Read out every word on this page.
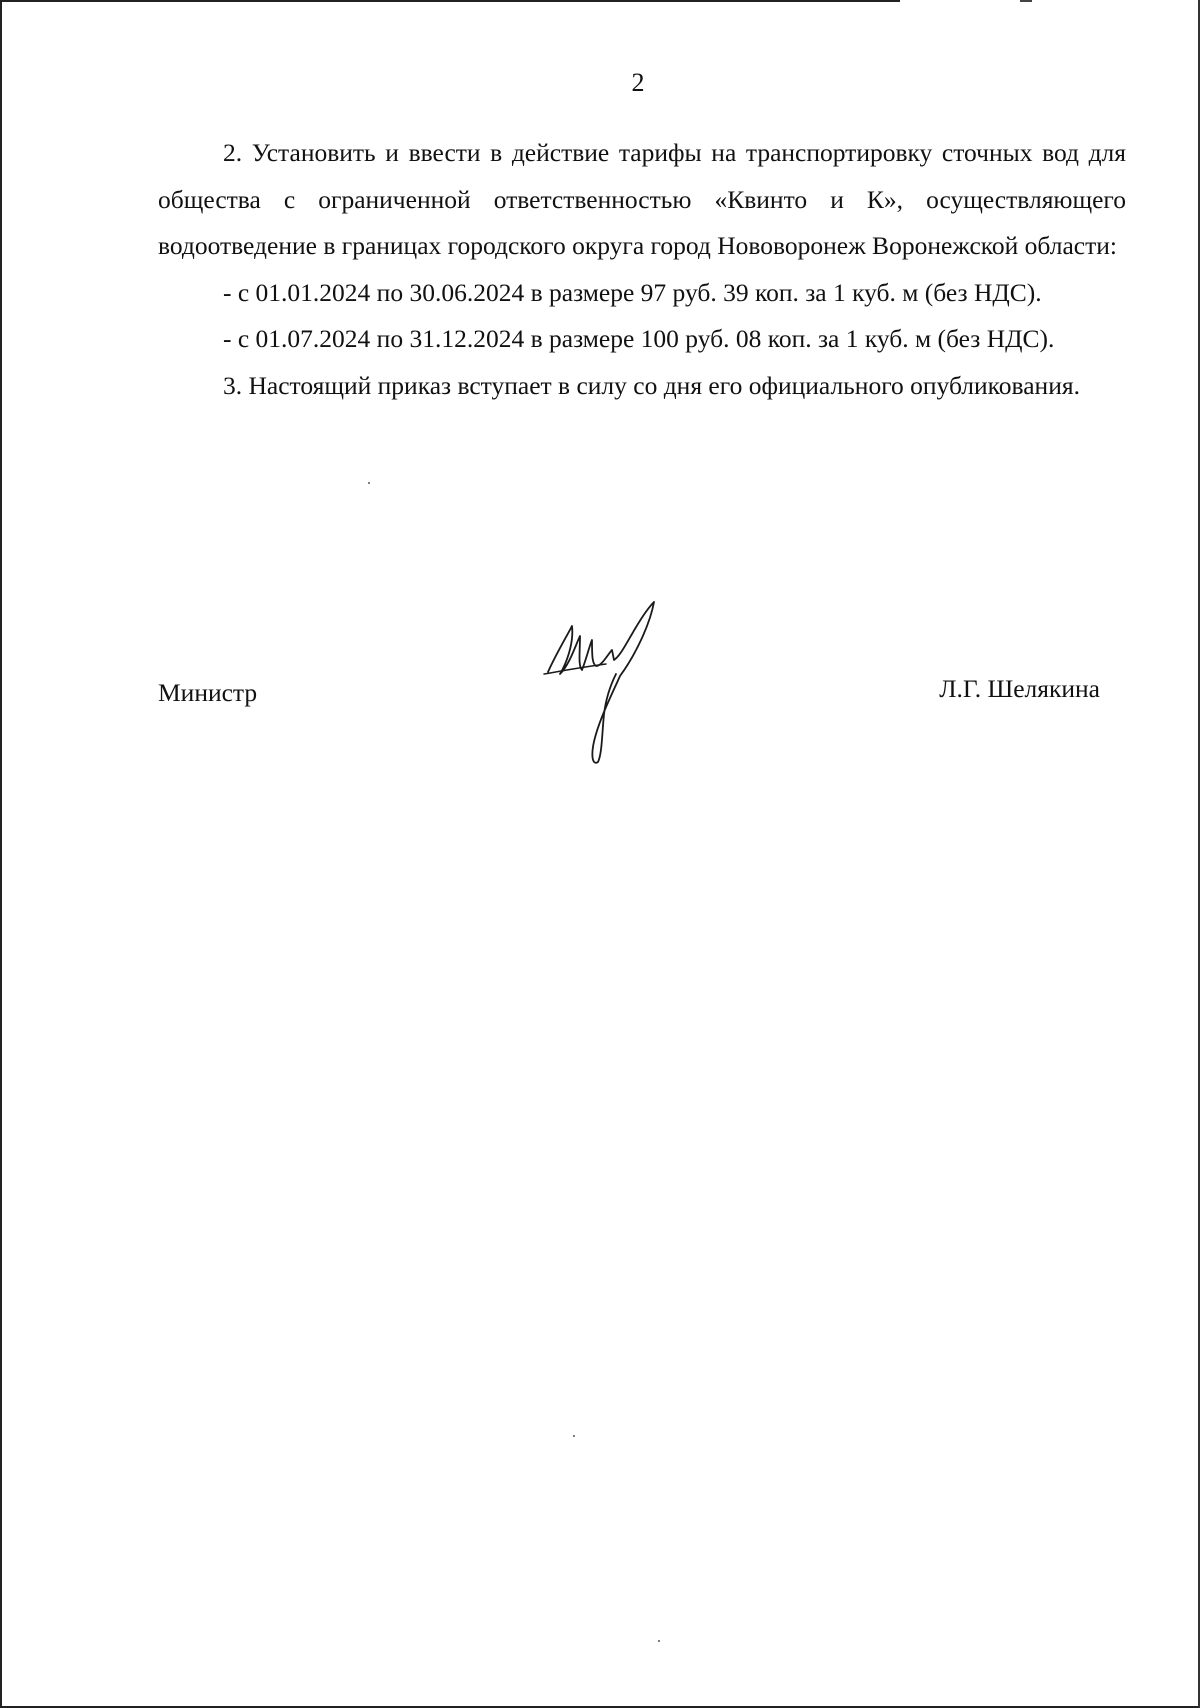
2

2. Установить и ввести в действие тарифы на транспортировку сточных вод для общества с ограниченной ответственностью «Квинто и К», осуществляющего водоотведение в границах городского округа город Нововоронеж Воронежской области:

- с 01.01.2024 по 30.06.2024 в размере 97 руб. 39 коп. за 1 куб. м (без НДС).

- с 01.07.2024 по 31.12.2024 в размере 100 руб. 08 коп. за 1 куб. м (без НДС).

3. Настоящий приказ вступает в силу со дня его официального опубликования.

Министр	Л.Г. Шелякина
